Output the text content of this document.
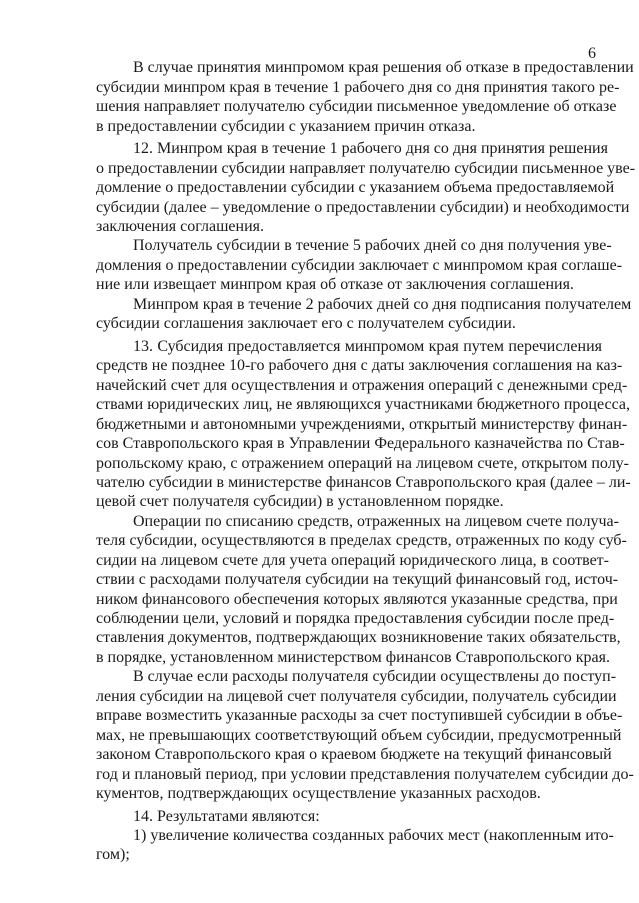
6
В случае принятия минпромом края решения об отказе в предоставлении
субсидии минпром края в течение 1 рабочего дня со дня принятия такого ре-
шения направляет получателю субсидии письменное уведомление об отказе
в предоставлении субсидии с указанием причин отказа.
12. Минпром края в течение 1 рабочего дня со дня принятия решения
о предоставлении субсидии направляет получателю субсидии письменное уве-
домление о предоставлении субсидии с указанием объема предоставляемой
субсидии (далее – уведомление о предоставлении субсидии) и необходимости
заключения соглашения.
Получатель субсидии в течение 5 рабочих дней со дня получения уве-
домления о предоставлении субсидии заключает с минпромом края соглаше-
ние или извещает минпром края об отказе от заключения соглашения.
Минпром края в течение 2 рабочих дней со дня подписания получателем
субсидии соглашения заключает его с получателем субсидии.
13. Субсидия предоставляется минпромом края путем перечисления
средств не позднее 10-го рабочего дня с даты заключения соглашения на каз-
начейский счет для осуществления и отражения операций с денежными сред-
ствами юридических лиц, не являющихся участниками бюджетного процесса,
бюджетными и автономными учреждениями, открытый министерству финан-
сов Ставропольского края в Управлении Федерального казначейства по Став-
ропольскому краю, с отражением операций на лицевом счете, открытом полу-
чателю субсидии в министерстве финансов Ставропольского края (далее – ли-
цевой счет получателя субсидии) в установленном порядке.
Операции по списанию средств, отраженных на лицевом счете получа-
теля субсидии, осуществляются в пределах средств, отраженных по коду суб-
сидии на лицевом счете для учета операций юридического лица, в соответ-
ствии с расходами получателя субсидии на текущий финансовый год, источ-
ником финансового обеспечения которых являются указанные средства, при
соблюдении цели, условий и порядка предоставления субсидии после пред-
ставления документов, подтверждающих возникновение таких обязательств,
в порядке, установленном министерством финансов Ставропольского края.
В случае если расходы получателя субсидии осуществлены до поступ-
ления субсидии на лицевой счет получателя субсидии, получатель субсидии
вправе возместить указанные расходы за счет поступившей субсидии в объе-
мах, не превышающих соответствующий объем субсидии, предусмотренный
законом Ставропольского края о краевом бюджете на текущий финансовый
год и плановый период, при условии представления получателем субсидии до-
кументов, подтверждающих осуществление указанных расходов.
14. Результатами являются:
1) увеличение количества созданных рабочих мест (накопленным ито-
гом);
